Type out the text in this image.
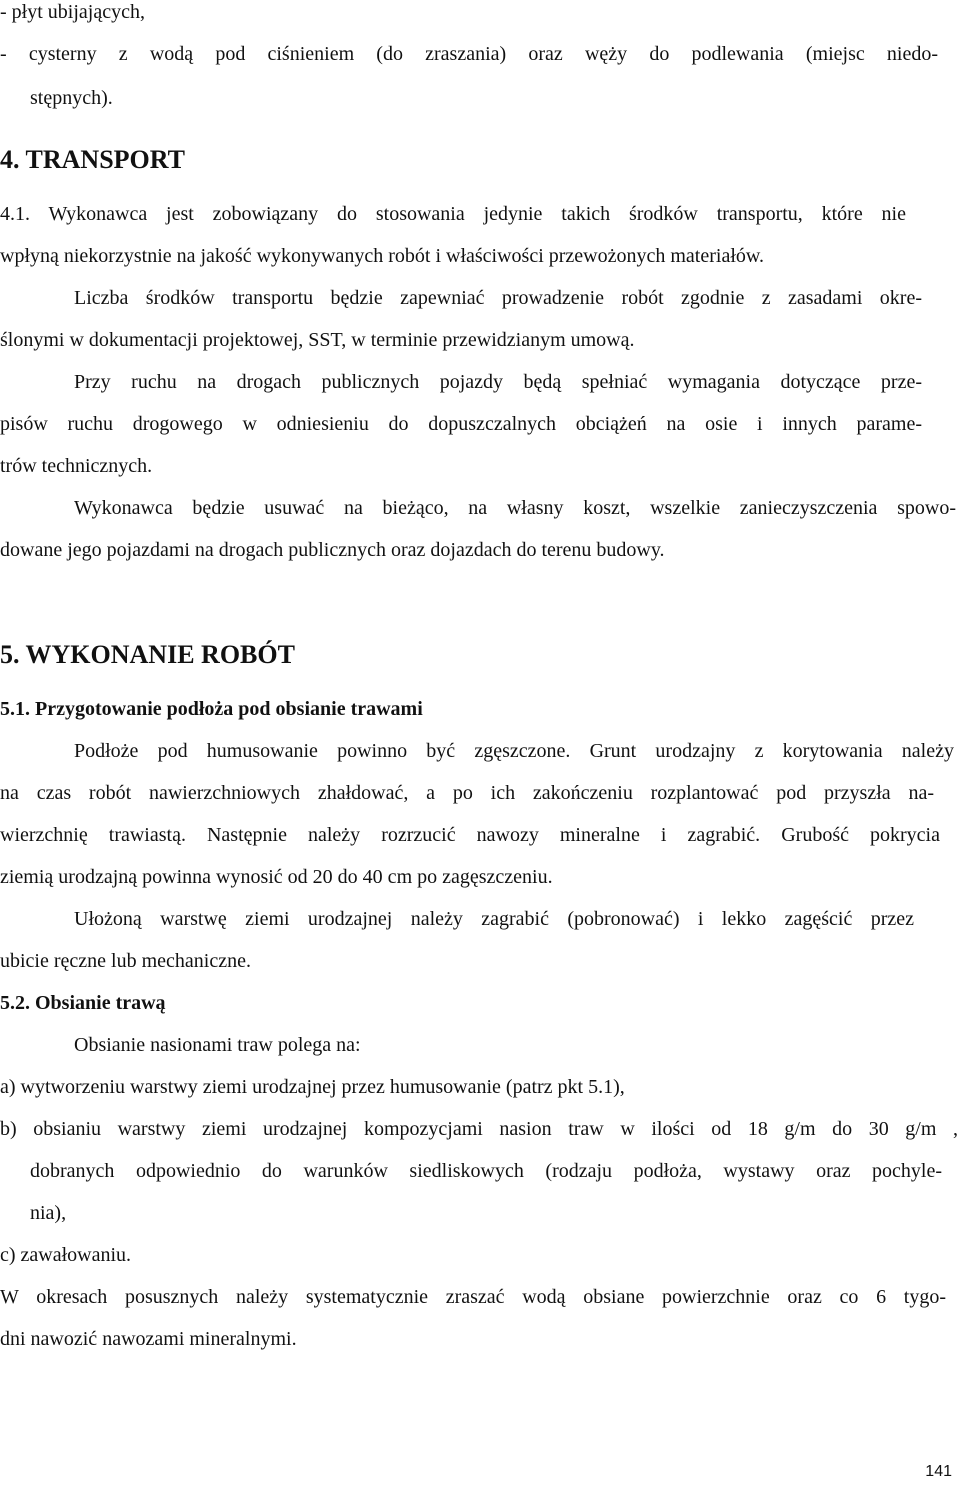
- płyt ubijających,
- cysterny z wodą pod ciśnieniem (do zraszania) oraz węży do podlewania (miejsc niedo-
stępnych).
4. TRANSPORT
4.1. Wykonawca jest zobowiązany do stosowania jedynie takich środków transportu, które nie
wpłyną niekorzystnie na jakość wykonywanych robót i właściwości przewożonych materiałów.
Liczba środków transportu będzie zapewniać prowadzenie robót zgodnie z zasadami okre-
ślonymi w dokumentacji projektowej, SST, w terminie przewidzianym umową.
Przy ruchu na drogach publicznych pojazdy będą spełniać wymagania dotyczące prze-
pisów ruchu drogowego w odniesieniu do dopuszczalnych obciążeń na osie i innych parame-
trów technicznych.
Wykonawca będzie usuwać na bieżąco, na własny koszt, wszelkie zanieczyszczenia spowo-
dowane jego pojazdami na drogach publicznych oraz dojazdach do terenu budowy.
5. WYKONANIE ROBÓT
5.1. Przygotowanie podłoża pod obsianie trawami
Podłoże pod humusowanie powinno być zgęszczone. Grunt urodzajny z korytowania należy
na czas robót nawierzchniowych zhałdować, a po ich zakończeniu rozplantować pod przyszła na-
wierzchnię trawiastą. Następnie należy rozrzucić nawozy mineralne i zagrabić. Grubość pokrycia
ziemią urodzajną powinna wynosić od 20 do 40 cm po zagęszczeniu.
Ułożoną warstwę ziemi urodzajnej należy zagrabić (pobronować) i lekko zagęścić przez
ubicie ręczne lub mechaniczne.
5.2. Obsianie trawą
Obsianie nasionami traw polega na:
a) wytworzeniu warstwy ziemi urodzajnej przez humusowanie (patrz pkt 5.1),
b) obsianiu warstwy ziemi urodzajnej kompozycjami nasion traw w ilości od 18 g/m do 30 g/m ,
dobranych odpowiednio do warunków siedliskowych (rodzaju podłoża, wystawy oraz pochyle-
nia),
c) zawałowaniu.
W okresach posusznych należy systematycznie zraszać wodą obsiane powierzchnie oraz co 6 tygo-
dni nawozić nawozami mineralnymi.
141
